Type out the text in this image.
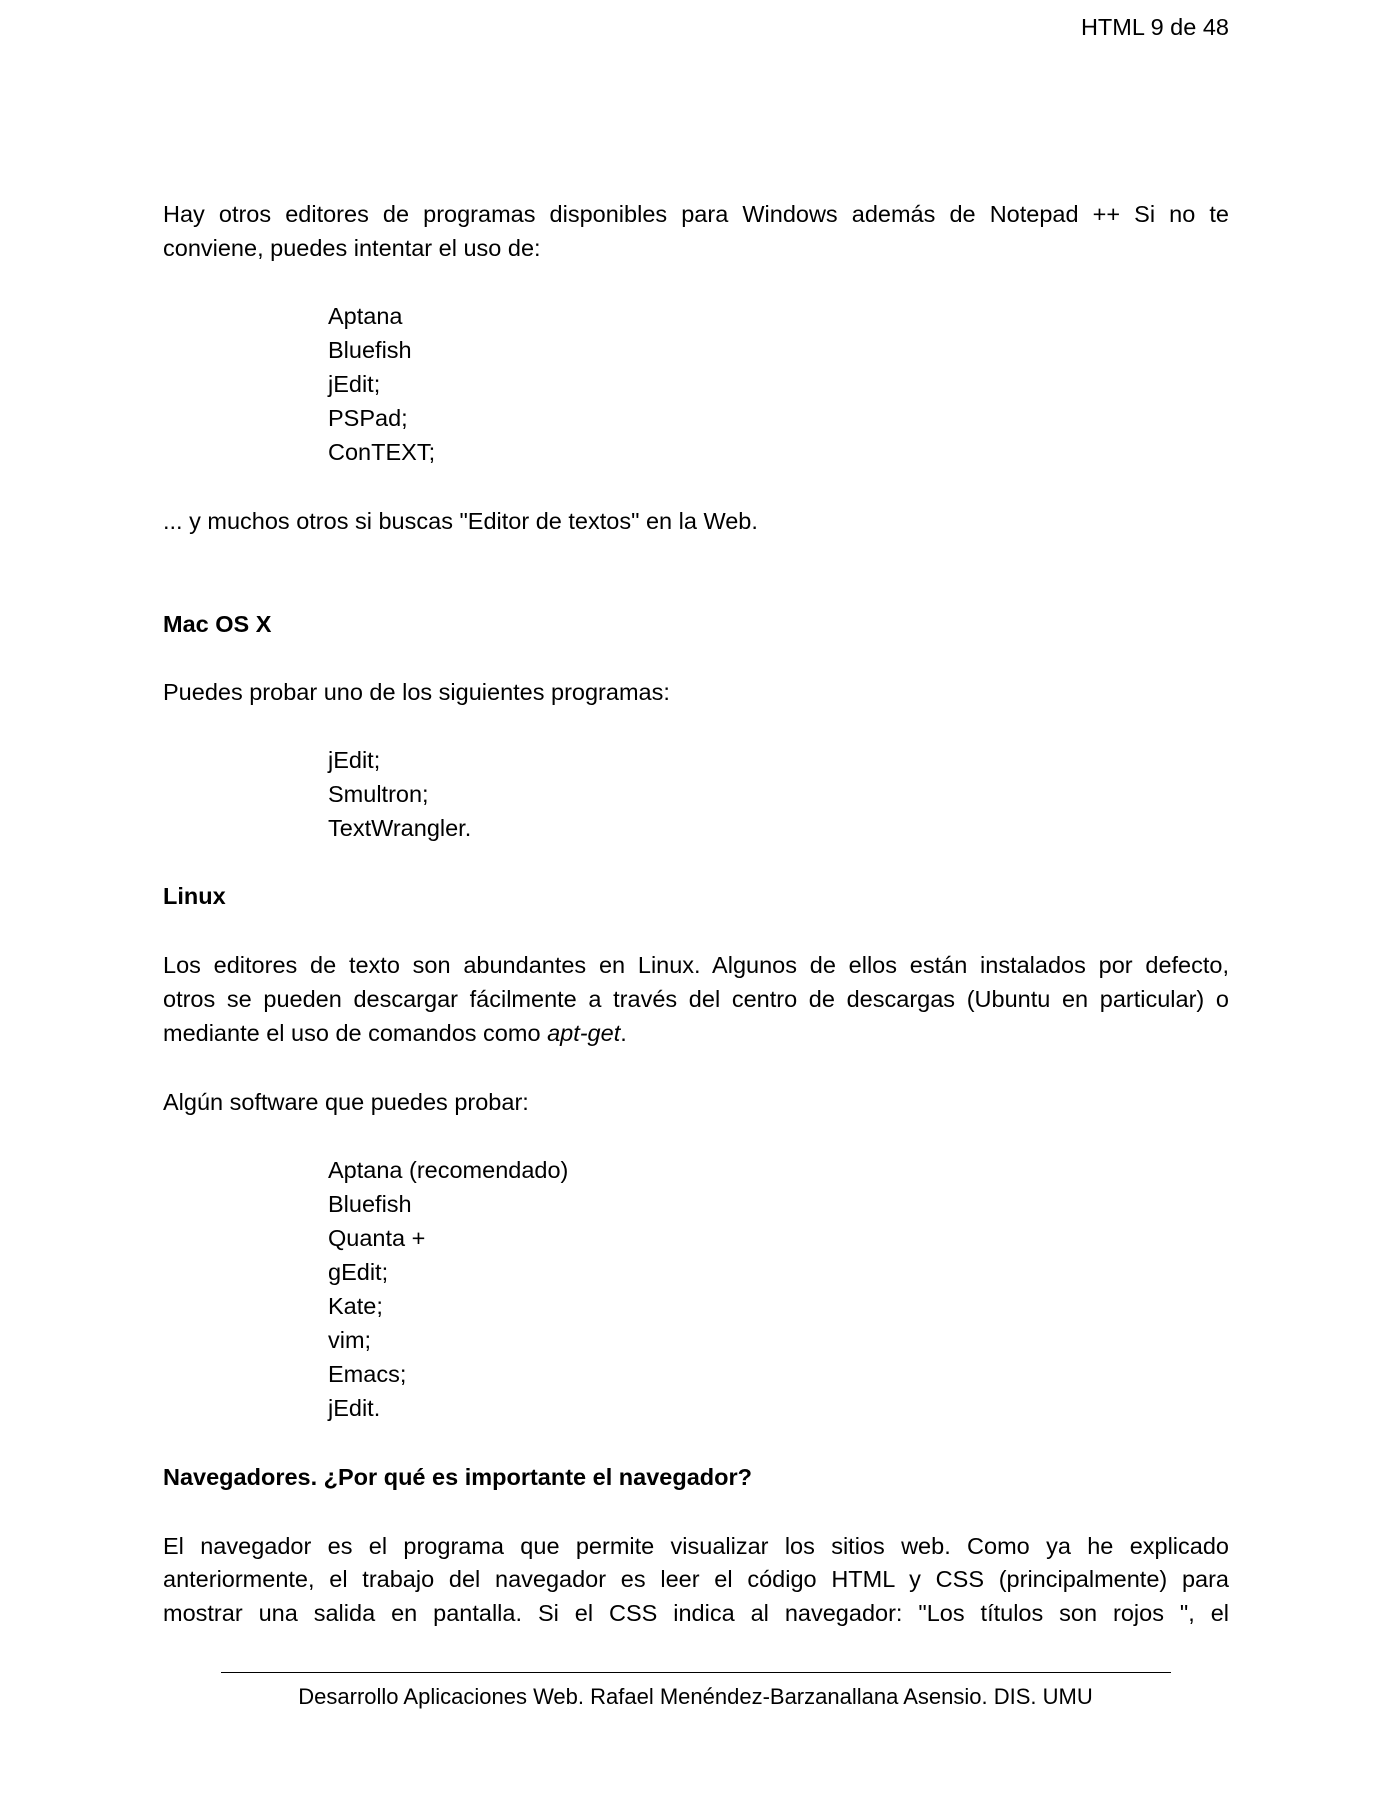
HTML 9 de 48
Hay otros editores de programas disponibles para Windows además de Notepad ++ Si no te
conviene, puedes intentar el uso de:
Aptana
Bluefish
jEdit;
PSPad;
ConTEXT;
... y muchos otros si buscas "Editor de textos" en la Web.
Mac OS X
Puedes probar uno de los siguientes programas:
jEdit;
Smultron;
TextWrangler.
Linux
Los editores de texto son abundantes en Linux. Algunos de ellos están instalados por defecto,
otros se pueden descargar fácilmente a través del centro de descargas (Ubuntu en particular) o
mediante el uso de comandos como apt-get.
Algún software que puedes probar:
Aptana (recomendado)
Bluefish
Quanta +
gEdit;
Kate;
vim;
Emacs;
jEdit.
Navegadores. ¿Por qué es importante el navegador?
El navegador es el programa que permite visualizar los sitios web. Como ya he explicado
anteriormente, el trabajo del navegador es leer el código HTML y CSS (principalmente) para
mostrar una salida en pantalla. Si el CSS indica al navegador: "Los títulos son rojos ", el
Desarrollo Aplicaciones Web. Rafael Menéndez-Barzanallana Asensio. DIS. UMU
